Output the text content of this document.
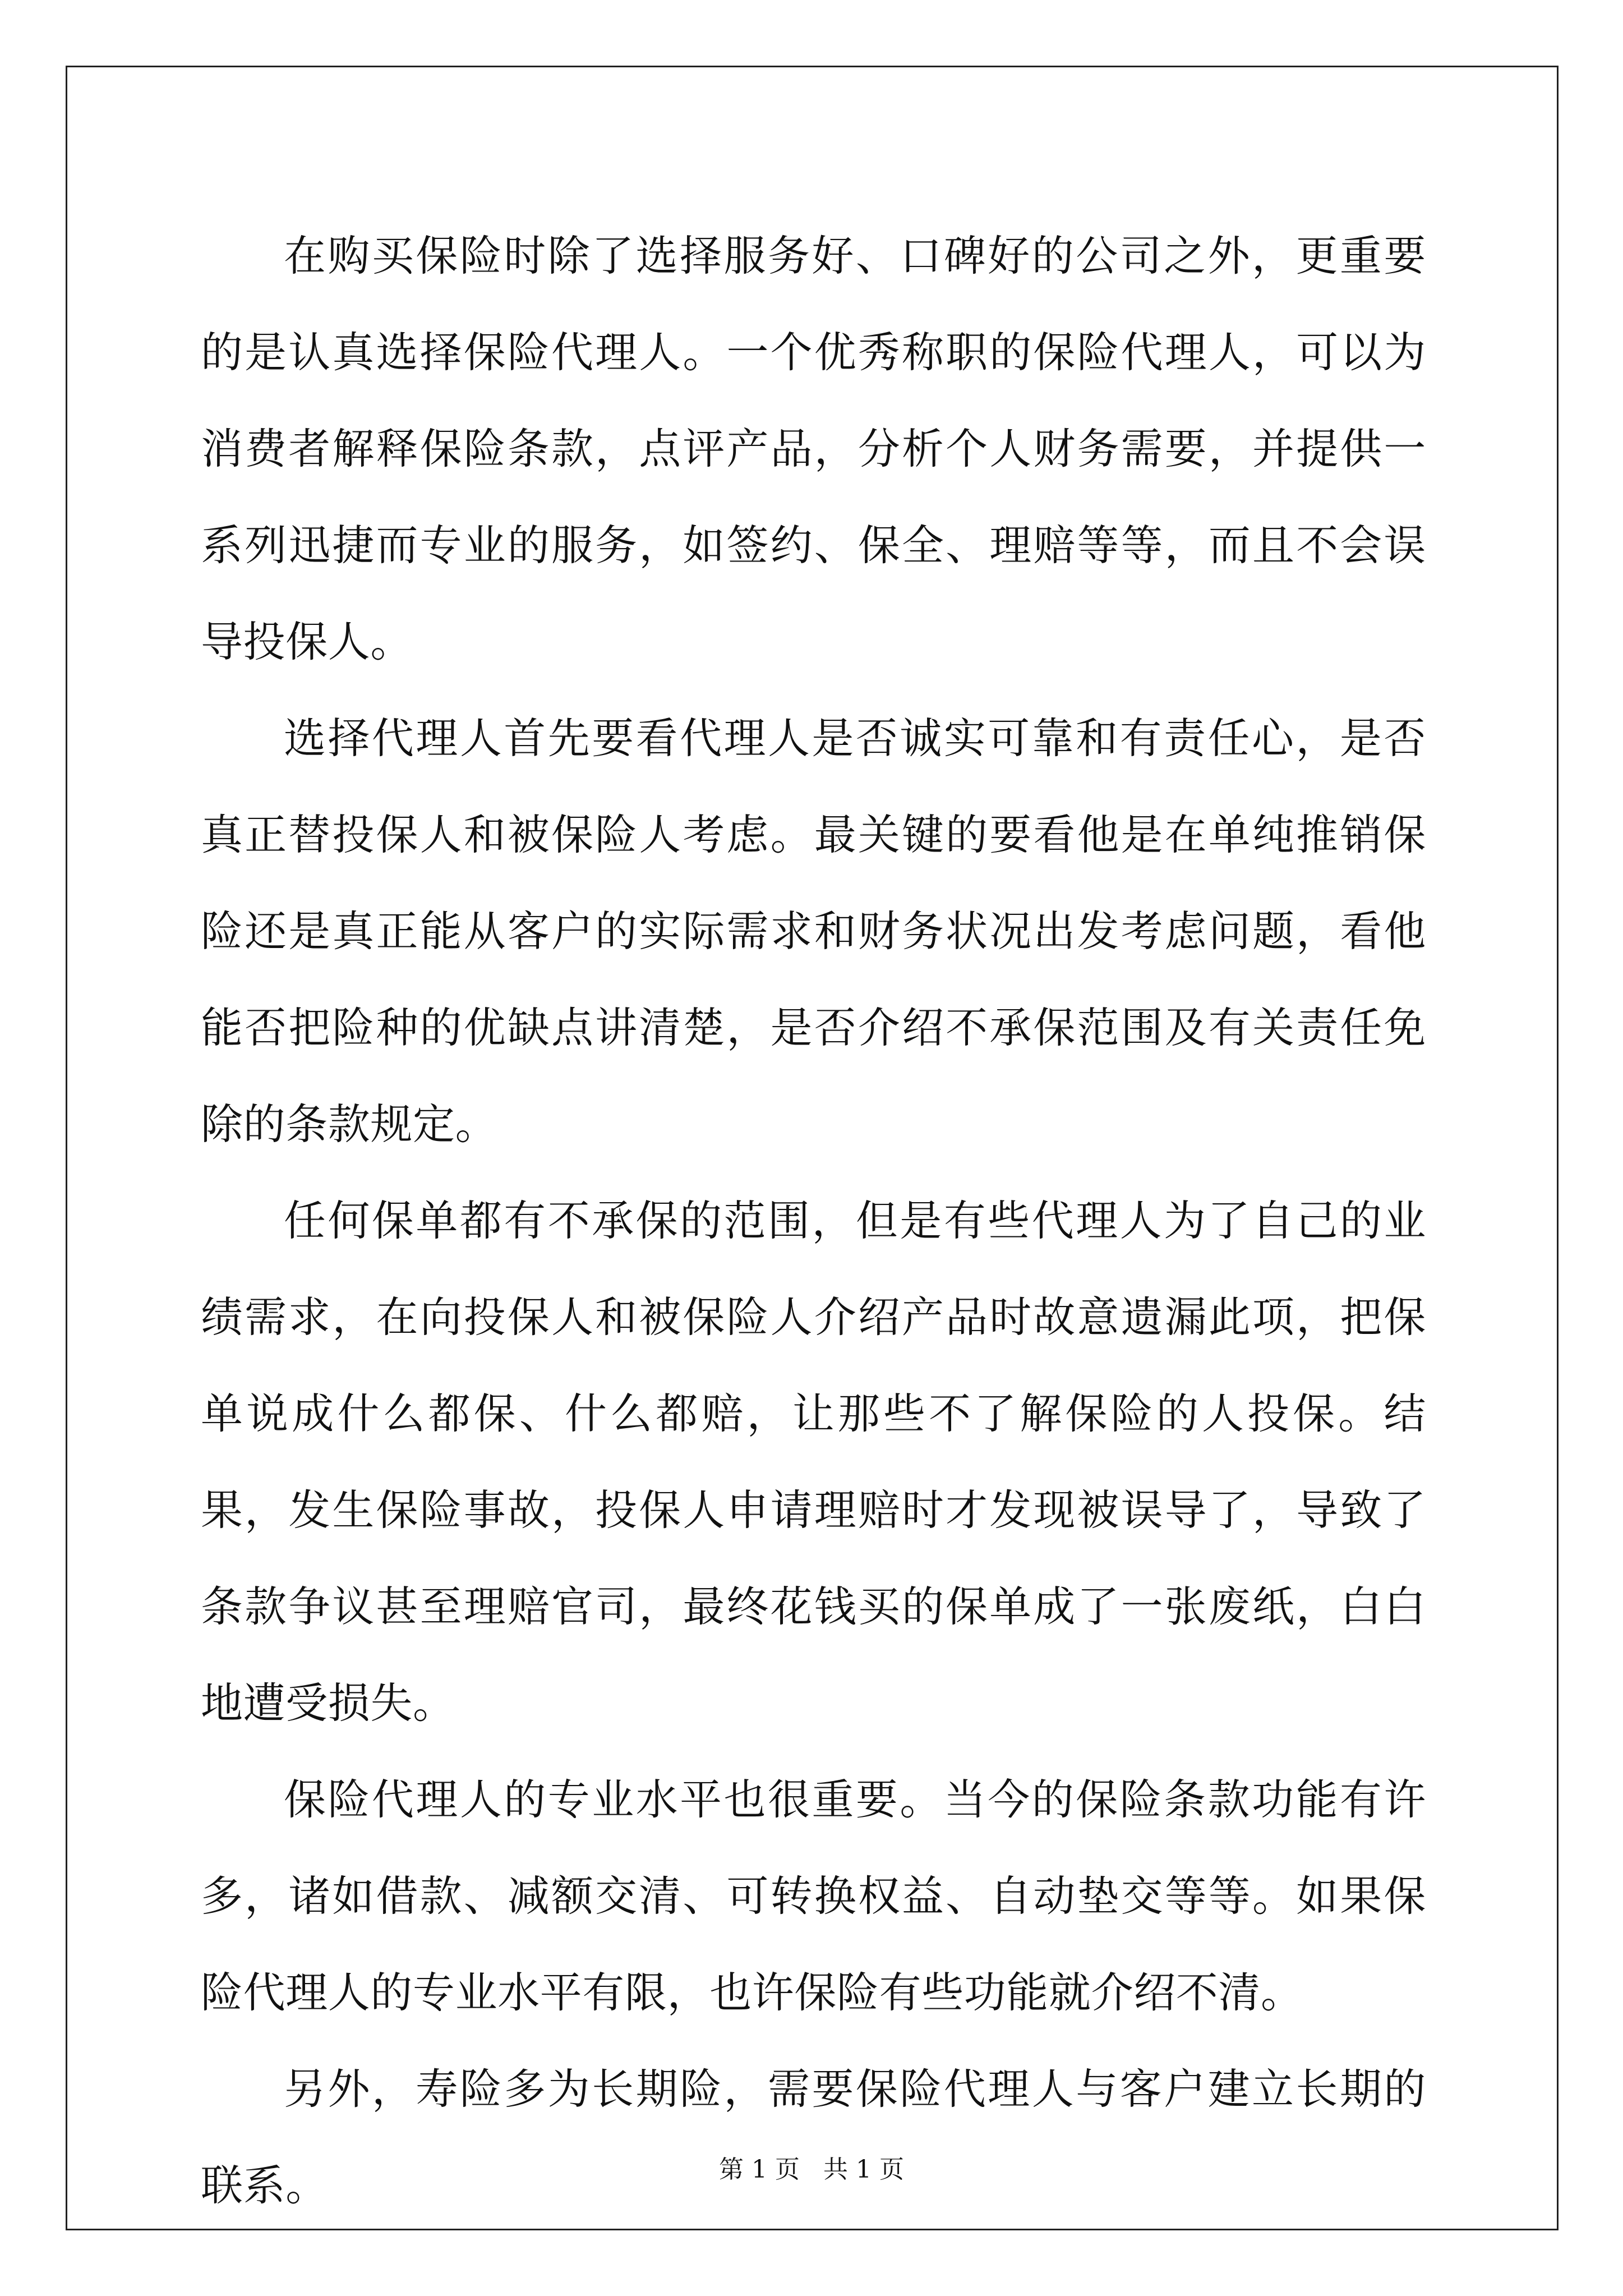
在购买保险时除了选择服务好、口碑好的公司之外，更重要的是认真选择保险代理人。一个优秀称职的保险代理人，可以为消费者解释保险条款，点评产品，分析个人财务需要，并提供一系列迅捷而专业的服务，如签约、保全、理赔等等，而且不会误导投保人。

选择代理人首先要看代理人是否诚实可靠和有责任心，是否真正替投保人和被保险人考虑。最关键的要看他是在单纯推销保险还是真正能从客户的实际需求和财务状况出发考虑问题，看他能否把险种的优缺点讲清楚，是否介绍不承保范围及有关责任免除的条款规定。

任何保单都有不承保的范围，但是有些代理人为了自己的业绩需求，在向投保人和被保险人介绍产品时故意遗漏此项，把保单说成什么都保、什么都赔，让那些不了解保险的人投保。结果，发生保险事故，投保人申请理赔时才发现被误导了，导致了条款争议甚至理赔官司，最终花钱买的保单成了一张废纸，白白地遭受损失。

保险代理人的专业水平也很重要。当今的保险条款功能有许多，诸如借款、减额交清、可转换权益、自动垫交等等。如果保险代理人的专业水平有限，也许保险有些功能就介绍不清。

另外，寿险多为长期险，需要保险代理人与客户建立长期的联系。	第 1 页   共 1 页
